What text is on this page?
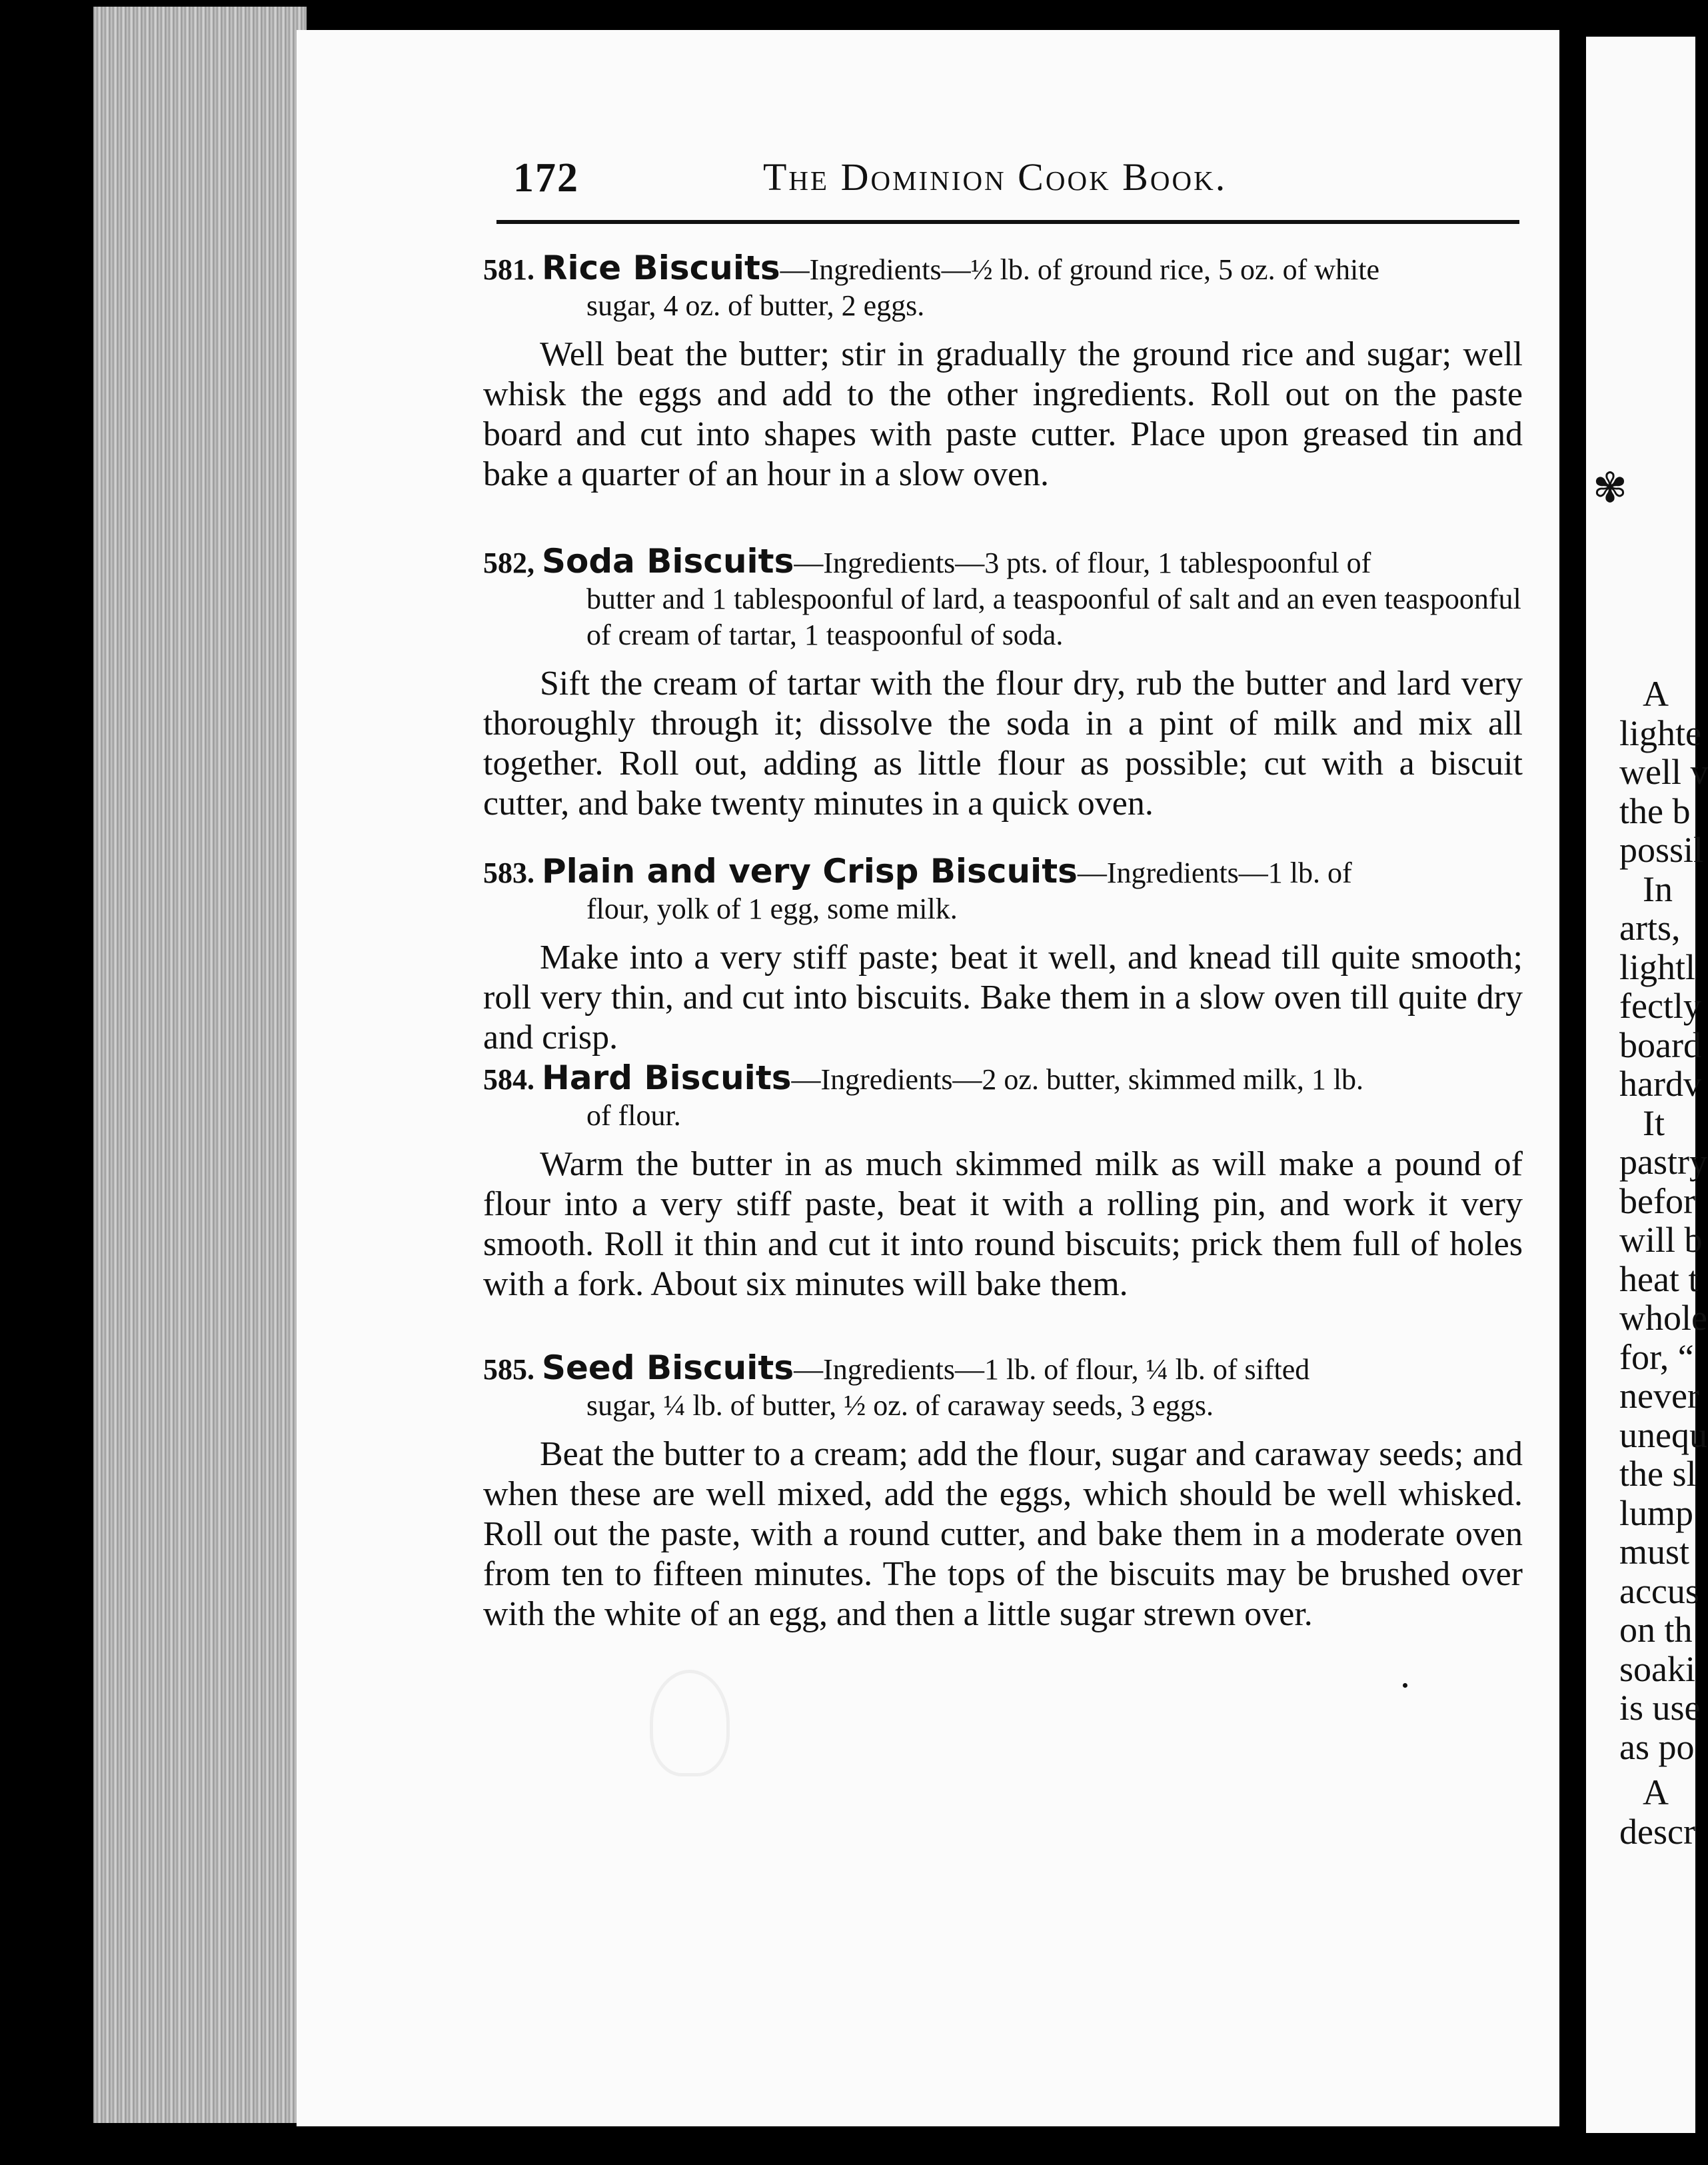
172	The Dominion Cook Book.

581. Rice Biscuits—Ingredients—½ lb. of ground rice, 5 oz. of white
sugar, 4 oz. of butter, 2 eggs.

Well beat the butter; stir in gradually the ground rice and sugar; well whisk the eggs and add to the other ingredients. Roll out on the paste board and cut into shapes with paste cutter. Place upon greased tin and bake a quarter of an hour in a slow oven.

582, Soda Biscuits—Ingredients—3 pts. of flour, 1 tablespoonful of
butter and 1 tablespoonful of lard, a teaspoonful of salt and an even teaspoonful of cream of tartar, 1 teaspoonful of soda.

Sift the cream of tartar with the flour dry, rub the butter and lard very thoroughly through it; dissolve the soda in a pint of milk and mix all together. Roll out, adding as little flour as possible; cut with a biscuit cutter, and bake twenty minutes in a quick oven.

583. Plain and very Crisp Biscuits—Ingredients—1 lb. of
flour, yolk of 1 egg, some milk.

Make into a very stiff paste; beat it well, and knead till quite smooth; roll very thin, and cut into biscuits. Bake them in a slow oven till quite dry and crisp.

584. Hard Biscuits—Ingredients—2 oz. butter, skimmed milk, 1 lb.
of flour.

Warm the butter in as much skimmed milk as will make a pound of flour into a very stiff paste, beat it with a rolling pin, and work it very smooth. Roll it thin and cut it into round biscuits; prick them full of holes with a fork. About six minutes will bake them.

585. Seed Biscuits—Ingredients—1 lb. of flour, ¼ lb. of sifted
sugar, ¼ lb. of butter, ½ oz. of caraway seeds, 3 eggs.

Beat the butter to a cream; add the flour, sugar and caraway seeds; and when these are well mixed, add the eggs, which should be well whisked. Roll out the paste, with a round cutter, and bake them in a moderate oven from ten to fifteen minutes. The tops of the biscuits may be brushed over with the white of an egg, and then a little sugar strewn over.

✾
A
lighte
well v
the b
possil
In
arts,
lightl
fectly
board
hardv
It
pastry
befor
will b
heat t
whole
for, “
never
unequ
the sl
lump
must
accus
on th
soaki
is use
as po
A
descr
